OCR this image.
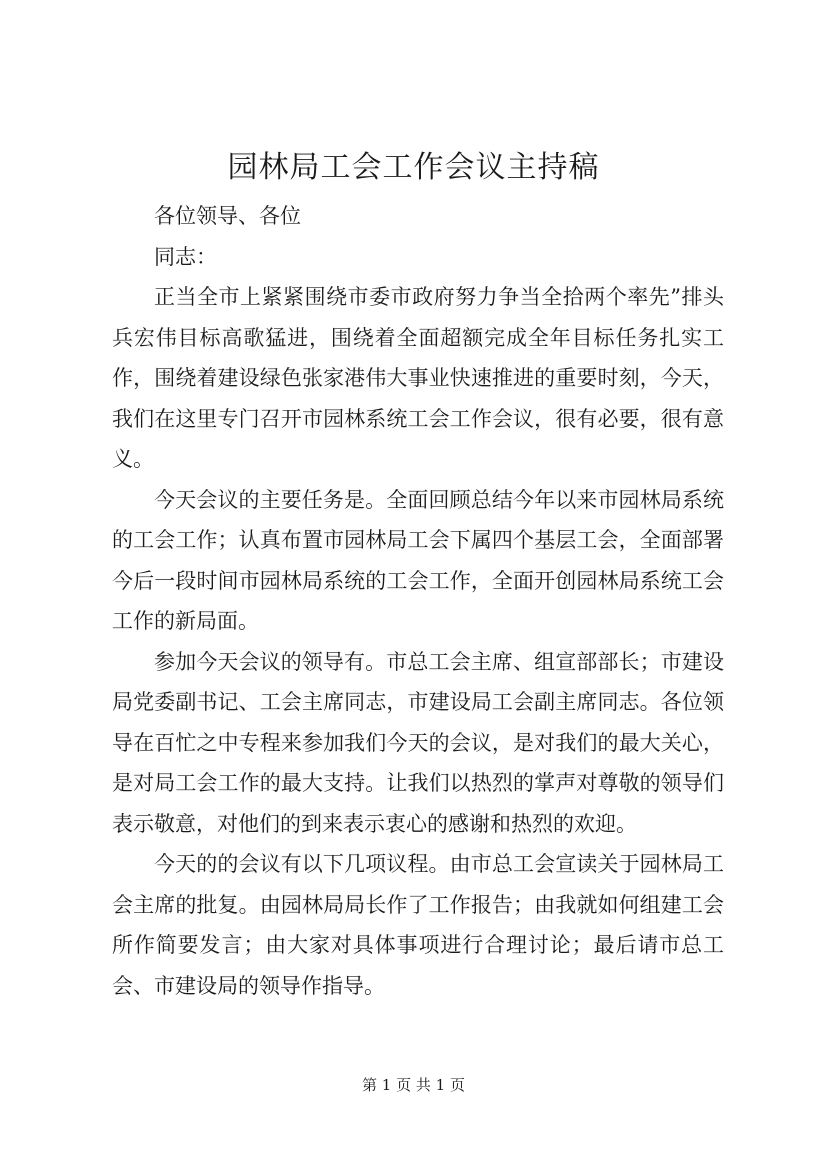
园林局工会工作会议主持稿

各位领导、各位

同志：

正当全市上紧紧围绕市委市政府努力争当全拾两个率先”排头兵宏伟目标高歌猛进，围绕着全面超额完成全年目标任务扎实工作，围绕着建设绿色张家港伟大事业快速推进的重要时刻，今天，我们在这里专门召开市园林系统工会工作会议，很有必要，很有意义。

今天会议的主要任务是。全面回顾总结今年以来市园林局系统的工会工作；认真布置市园林局工会下属四个基层工会，全面部署今后一段时间市园林局系统的工会工作，全面开创园林局系统工会工作的新局面。

参加今天会议的领导有。市总工会主席、组宣部部长；市建设局党委副书记、工会主席同志，市建设局工会副主席同志。各位领导在百忙之中专程来参加我们今天的会议，是对我们的最大关心，是对局工会工作的最大支持。让我们以热烈的掌声对尊敬的领导们表示敬意，对他们的到来表示衷心的感谢和热烈的欢迎。

今天的的会议有以下几项议程。由市总工会宣读关于园林局工会主席的批复。由园林局局长作了工作报告；由我就如何组建工会所作简要发言；由大家对具体事项进行合理讨论；最后请市总工会、市建设局的领导作指导。

第 1 页 共 1 页
